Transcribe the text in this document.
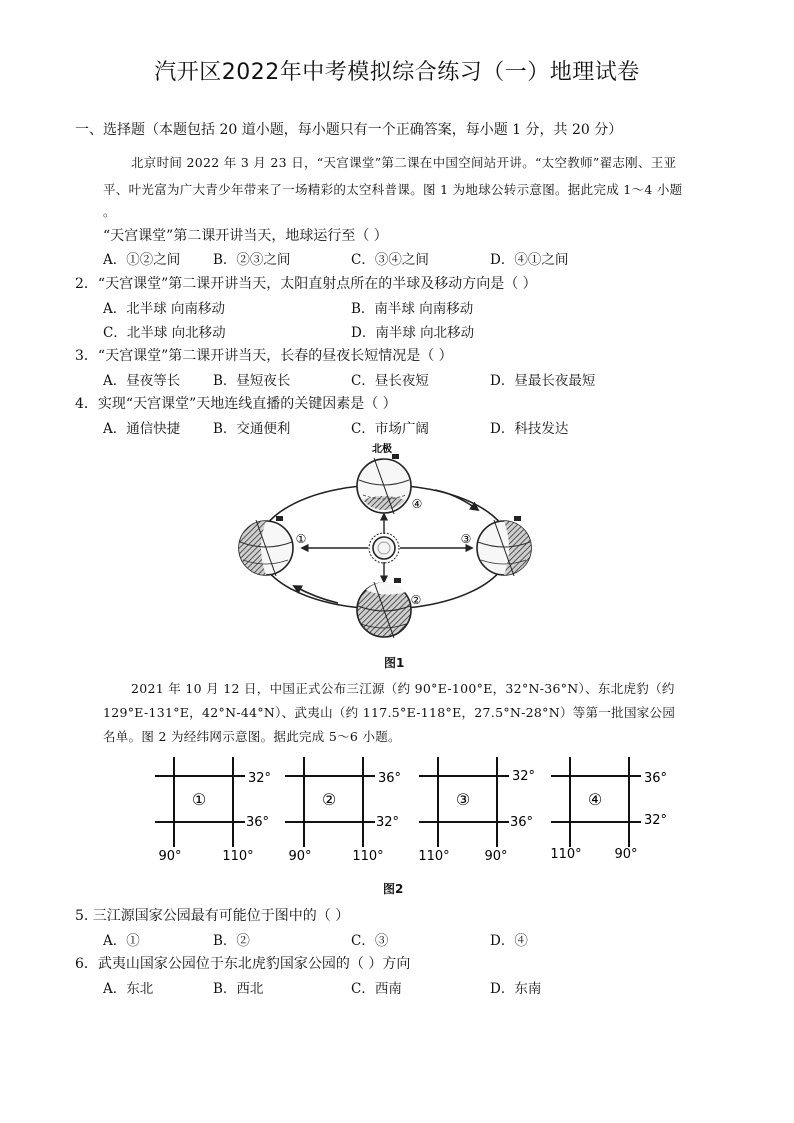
汽开区2022年中考模拟综合练习（一）地理试卷
一、选择题（本题包括 20 道小题，每小题只有一个正确答案，每小题 1 分，共 20 分）
北京时间 2022 年 3 月 23 日，“天宫课堂”第二课在中国空间站开讲。“太空教师”翟志刚、王亚
平、叶光富为广大青少年带来了一场精彩的太空科普课。图 1 为地球公转示意图。据此完成 1～4 小题
。
“天宫课堂”第二课开讲当天，地球运行至（ ）
A．①②之间 B．②③之间	C．③④之间	D．④①之间
2．“天宫课堂”第二课开讲当天，太阳直射点所在的半球及移动方向是（ ）
A．北半球 向南移动	B．南半球 向南移动
C．北半球 向北移动	D．南半球 向北移动
3．“天宫课堂”第二课开讲当天，长春的昼夜长短情况是（ ）
A．昼夜等长 B．昼短夜长	C．昼长夜短	D．昼最长夜最短
4．实现“天宫课堂”天地连线直播的关键因素是（ ）
A．通信快捷 B．交通便利	C．市场广阔	D．科技发达
北极
①
②
③
④
图1
2021 年 10 月 12 日，中国正式公布三江源（约 90°E-100°E，32°N-36°N）、东北虎豹（约
129°E-131°E，42°N-44°N）、武夷山（约 117.5°E-118°E，27.5°N-28°N）等第一批国家公园
名单。图 2 为经纬网示意图。据此完成 5～6 小题。
①
32°
36°
90°	110°
②
36°
32°
90°	110°
③
32°
36°
110°	90°
④
36°
32°
110°	90°
图2
5. 三江源国家公园最有可能位于图中的（ ）
A．①	B．②	C．③	D．④
6．武夷山国家公园位于东北虎豹国家公园的（ ）方向
A．东北	B．西北	C．西南	D．东南
